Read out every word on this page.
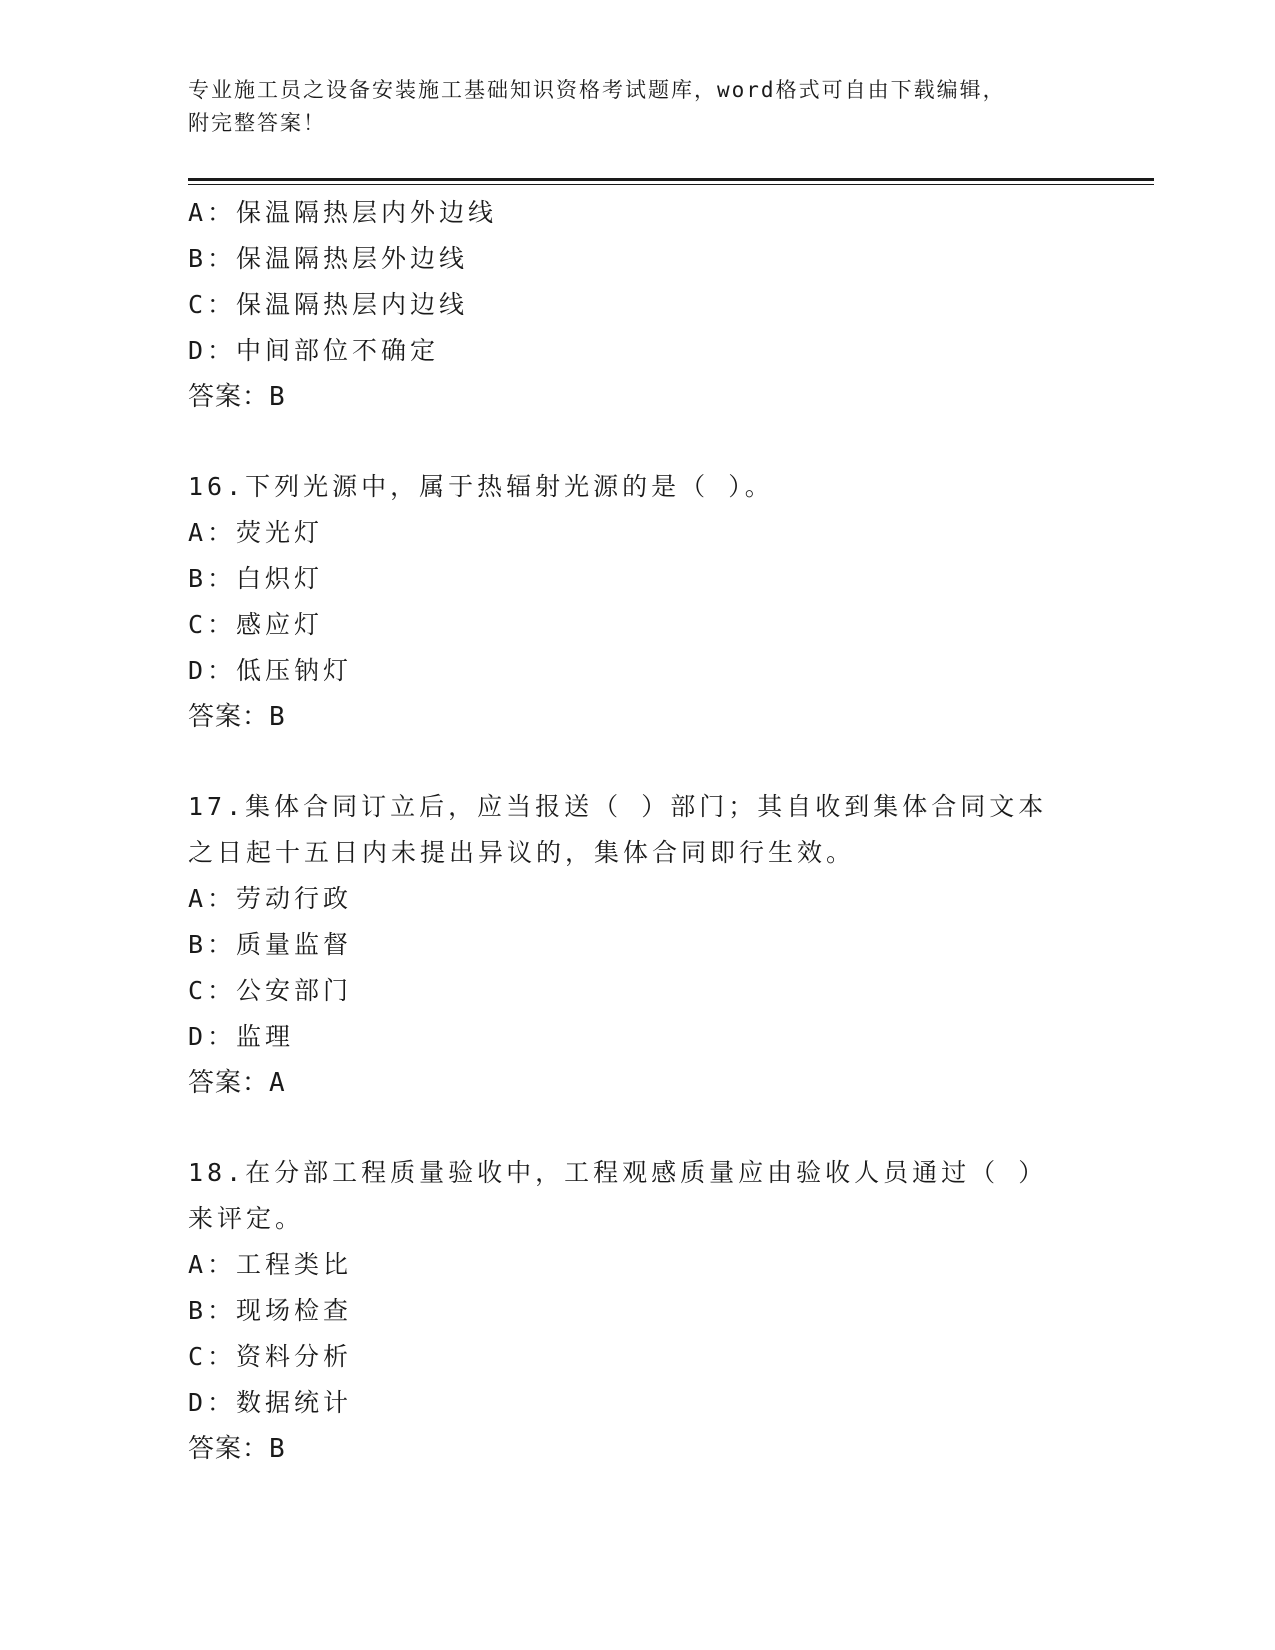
专业施工员之设备安装施工基础知识资格考试题库，word格式可自由下载编辑，
附完整答案！
A：保温隔热层内外边线
B：保温隔热层外边线
C：保温隔热层内边线
D：中间部位不确定
答案：B
16.下列光源中，属于热辐射光源的是（ ）。
A：荧光灯
B：白炽灯
C：感应灯
D：低压钠灯
答案：B
17.集体合同订立后，应当报送（ ）部门；其自收到集体合同文本之日起十五日内未提出异议的，集体合同即行生效。
A：劳动行政
B：质量监督
C：公安部门
D：监理
答案：A
18.在分部工程质量验收中，工程观感质量应由验收人员通过（ ）来评定。
A：工程类比
B：现场检查
C：资料分析
D：数据统计
答案：B
